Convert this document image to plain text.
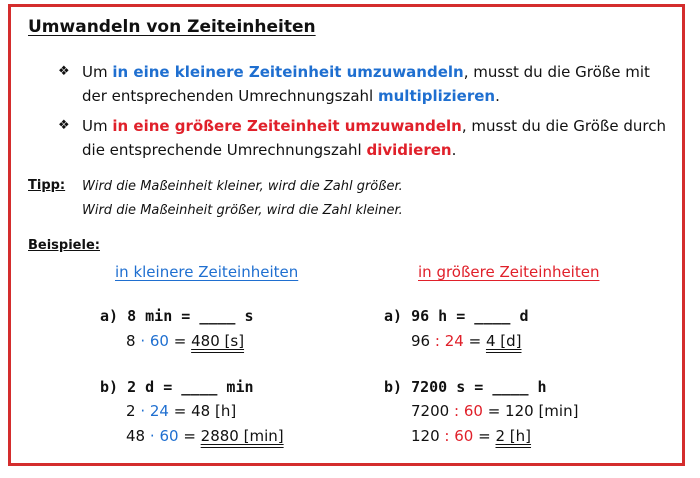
Umwandeln von Zeiteinheiten
❖ Um in eine kleinere Zeiteinheit umzuwandeln, musst du die Größe mit der entsprechenden Umrechnungszahl multiplizieren.
❖ Um in eine größere Zeiteinheit umzuwandeln, musst du die Größe durch die entsprechende Umrechnungszahl dividieren.
Tipp: Wird die Maßeinheit kleiner, wird die Zahl größer.
Wird die Maßeinheit größer, wird die Zahl kleiner.
Beispiele:
in kleinere Zeiteinheiten	in größere Zeiteinheiten
a) 8 min = ____ s
8 · 60 = 480 [s]
b) 2 d = ____ min
2 · 24 = 48 [h]
48 · 60 = 2880 [min]
a) 96 h = ____ d
96 : 24 = 4 [d]
b) 7200 s = ____ h
7200 : 60 = 120 [min]
120 : 60 = 2 [h]
